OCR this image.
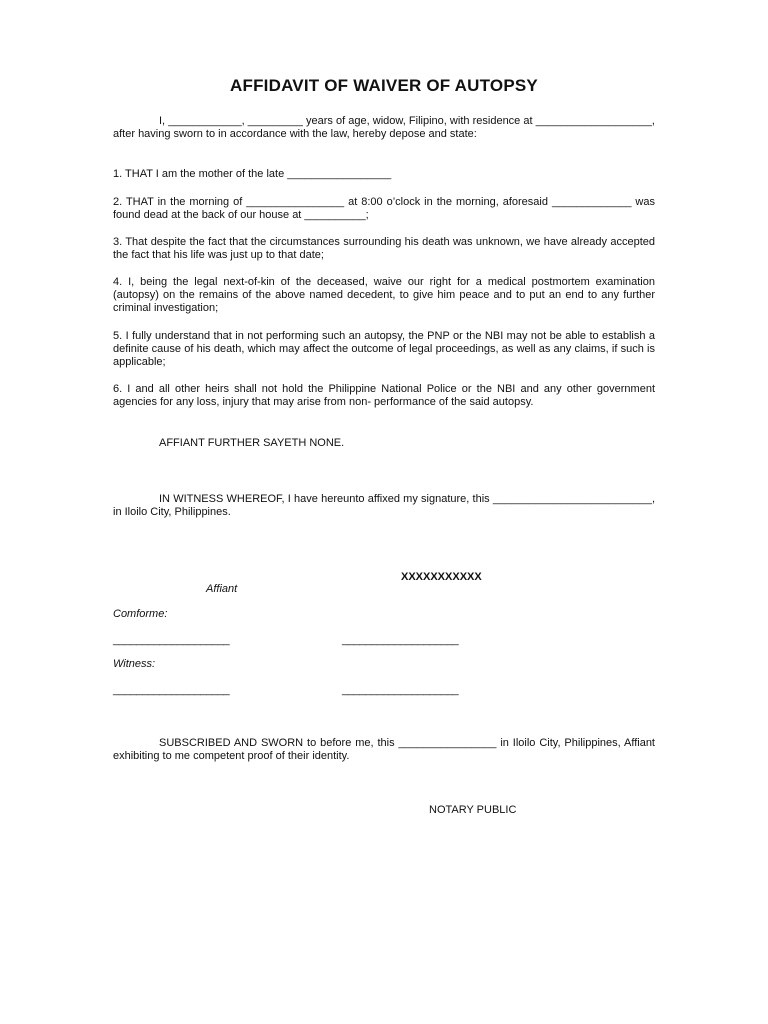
AFFIDAVIT OF WAIVER OF AUTOPSY
I, ____________, _________ years of age, widow, Filipino, with residence at ___________________, after having sworn to in accordance with the law, hereby depose and state:
1. THAT I am the mother of the late _________________
2. THAT in the morning of ________________ at 8:00 o’clock in the morning, aforesaid _____________ was found dead at the back of our house at __________;
3. That despite the fact that the circumstances surrounding his death was unknown, we have already accepted the fact that his life was just up to that date;
4. I, being the legal next-of-kin of the deceased, waive our right for a medical postmortem examination (autopsy) on the remains of the above named decedent, to give him peace and to put an end to any further criminal investigation;
5. I fully understand that in not performing such an autopsy, the PNP or the NBI may not be able to establish a definite cause of his death, which may affect the outcome of legal proceedings, as well as any claims, if such is applicable;
6. I and all other heirs shall not hold the Philippine National Police or the NBI and any other government agencies for any loss, injury that may arise from non- performance of the said autopsy.
AFFIANT FURTHER SAYETH NONE.
IN WITNESS WHEREOF, I have hereunto affixed my signature, this __________________________, in Iloilo City, Philippines.
XXXXXXXXXXX
Affiant
Comforme:
____________________	____________________
Witness:
____________________	____________________
SUBSCRIBED AND SWORN to before me, this ________________ in Iloilo City, Philippines, Affiant exhibiting to me competent proof of their identity.
NOTARY PUBLIC
